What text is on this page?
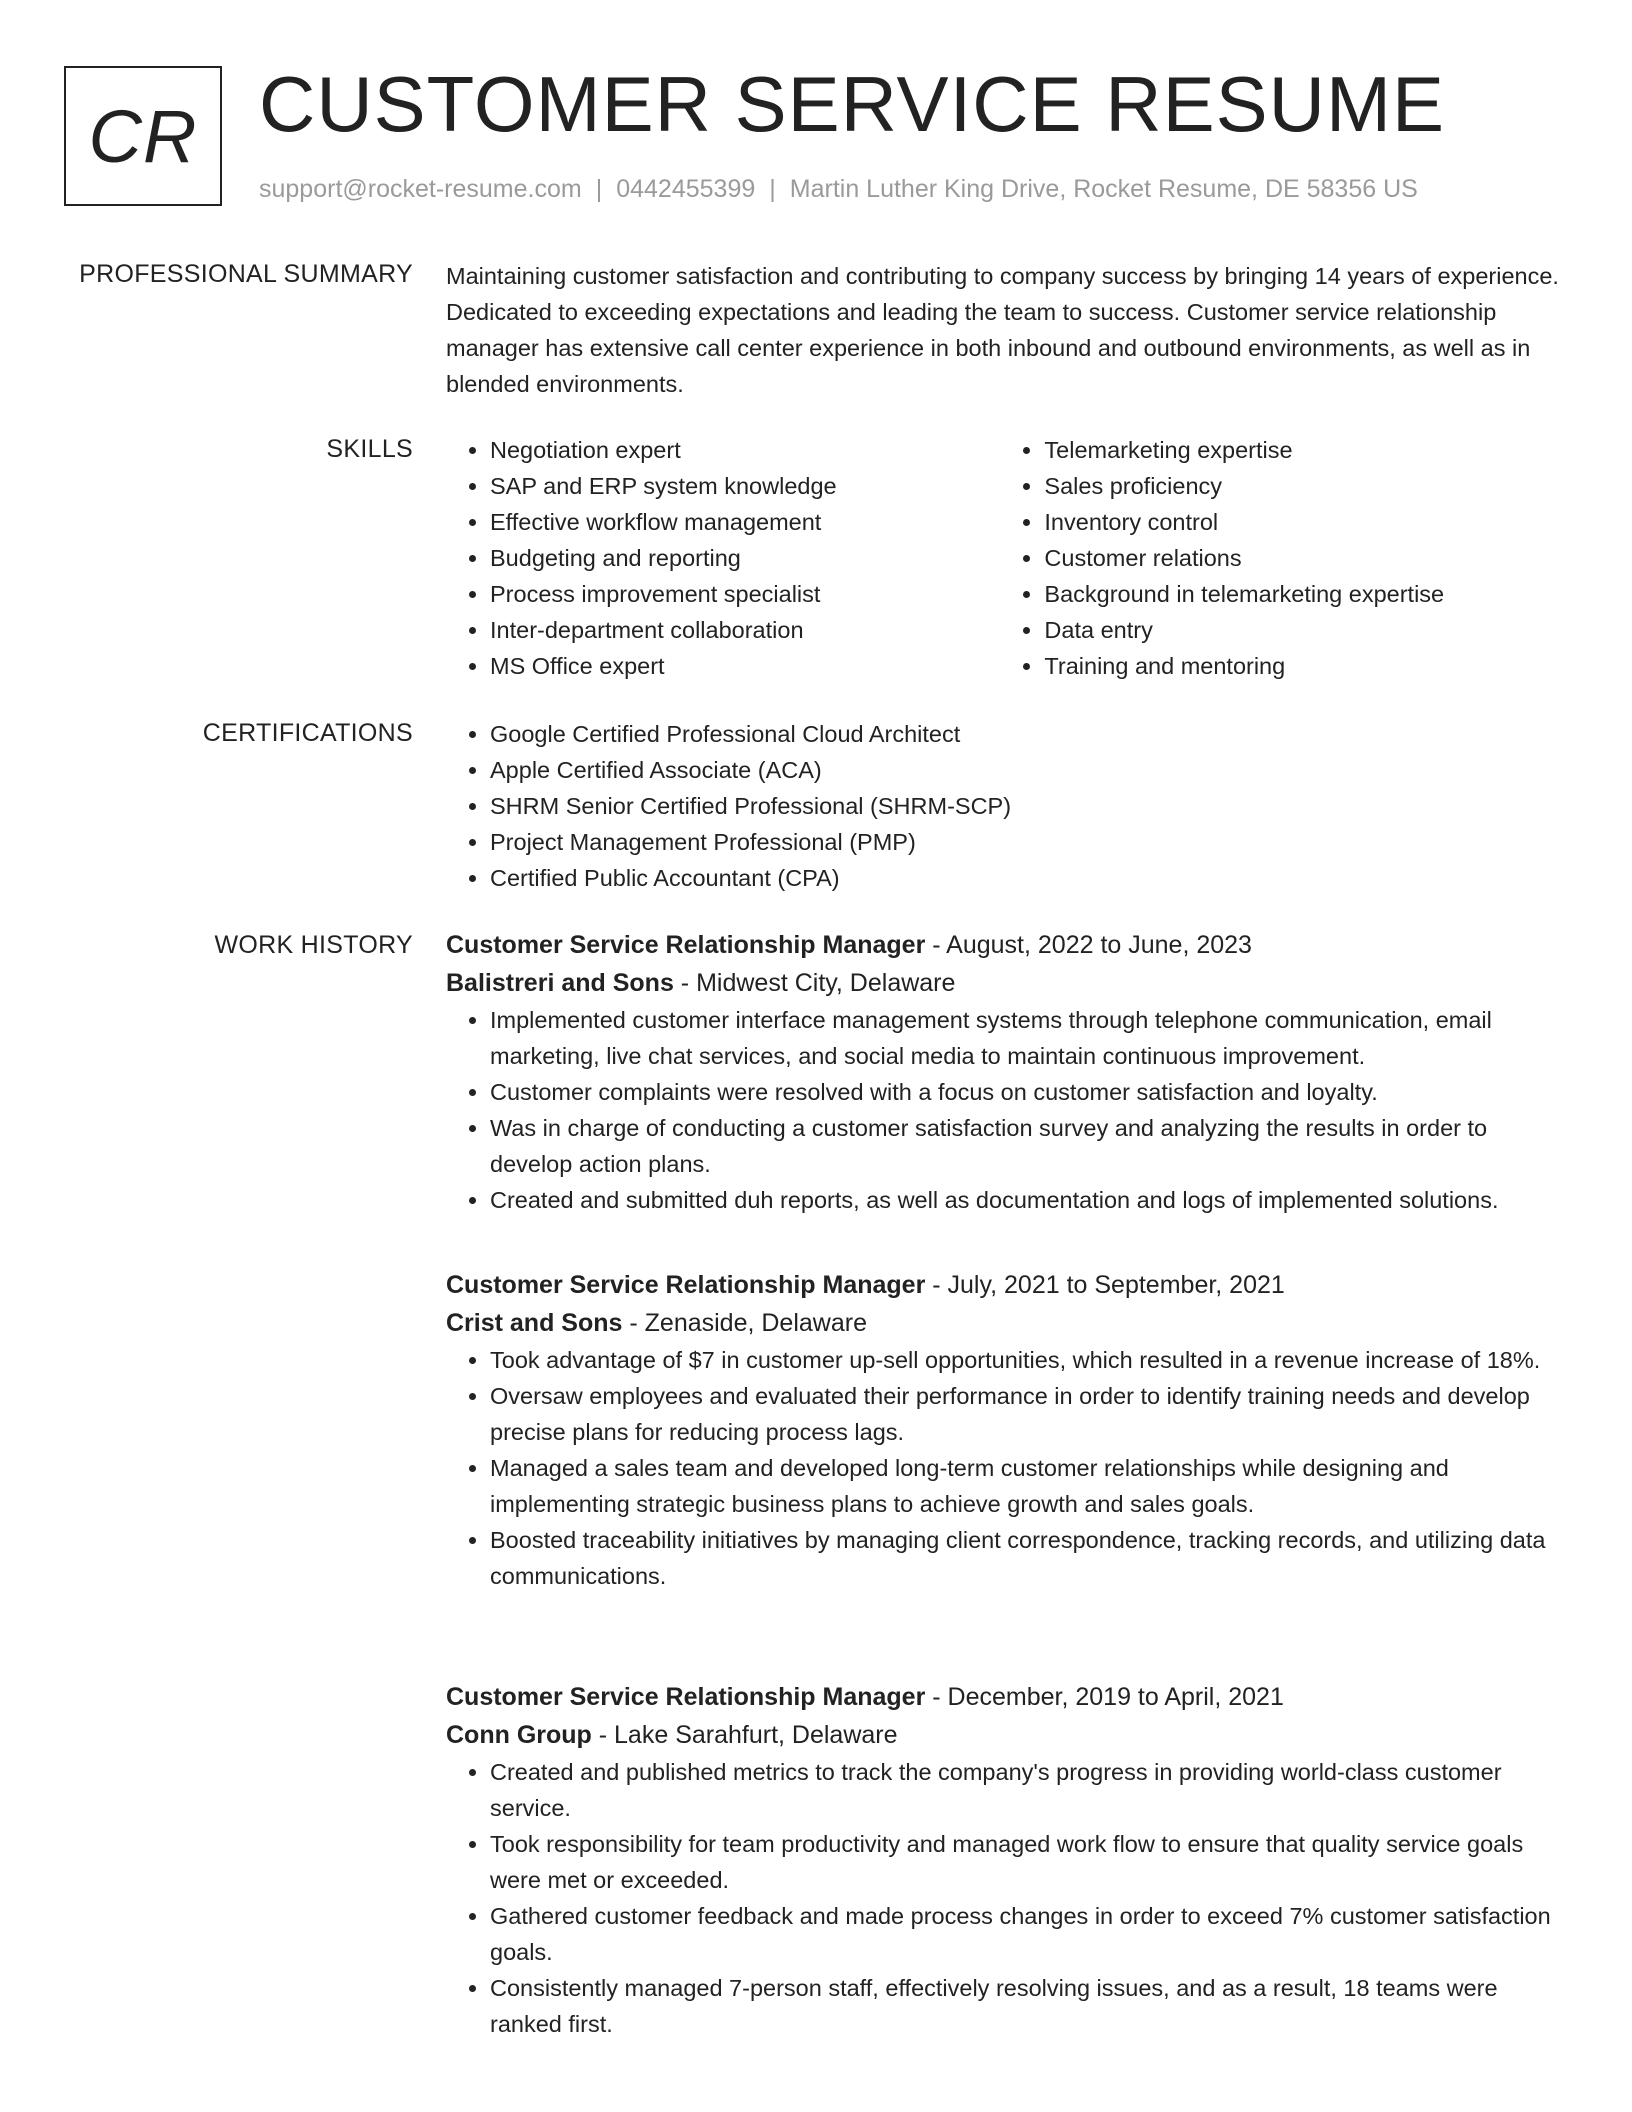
CR CUSTOMER SERVICE RESUME
support@rocket-resume.com | 0442455399 | Martin Luther King Drive, Rocket Resume, DE 58356 US
PROFESSIONAL SUMMARY Maintaining customer satisfaction and contributing to company success by bringing 14 years of experience. Dedicated to exceeding expectations and leading the team to success. Customer service relationship manager has extensive call center experience in both inbound and outbound environments, as well as in blended environments.

SKILLS	• Negotiation expert
• SAP and ERP system knowledge
• Effective workflow management
• Budgeting and reporting
• Process improvement specialist
• Inter-department collaboration
• MS Office expert
• Telemarketing expertise
• Sales proficiency
• Inventory control
• Customer relations
• Background in telemarketing expertise
• Data entry
• Training and mentoring
CERTIFICATIONS	• Google Certified Professional Cloud Architect
• Apple Certified Associate (ACA)
• SHRM Senior Certified Professional (SHRM-SCP)
• Project Management Professional (PMP)
• Certified Public Accountant (CPA)
WORK HISTORY Customer Service Relationship Manager - August, 2022 to June, 2023
Balistreri and Sons - Midwest City, Delaware
• Implemented customer interface management systems through telephone communication, email marketing, live chat services, and social media to maintain continuous improvement.
• Customer complaints were resolved with a focus on customer satisfaction and loyalty.
• Was in charge of conducting a customer satisfaction survey and analyzing the results in order to develop action plans.
• Created and submitted duh reports, as well as documentation and logs of implemented solutions.
Customer Service Relationship Manager - July, 2021 to September, 2021
Crist and Sons - Zenaside, Delaware
• Took advantage of $7 in customer up-sell opportunities, which resulted in a revenue increase of 18%.
• Oversaw employees and evaluated their performance in order to identify training needs and develop precise plans for reducing process lags.
• Managed a sales team and developed long-term customer relationships while designing and implementing strategic business plans to achieve growth and sales goals.
• Boosted traceability initiatives by managing client correspondence, tracking records, and utilizing data communications.
Customer Service Relationship Manager - December, 2019 to April, 2021
Conn Group - Lake Sarahfurt, Delaware
• Created and published metrics to track the company's progress in providing world-class customer service.
• Took responsibility for team productivity and managed work flow to ensure that quality service goals were met or exceeded.
• Gathered customer feedback and made process changes in order to exceed 7% customer satisfaction goals.
• Consistently managed 7-person staff, effectively resolving issues, and as a result, 18 teams were ranked first.
